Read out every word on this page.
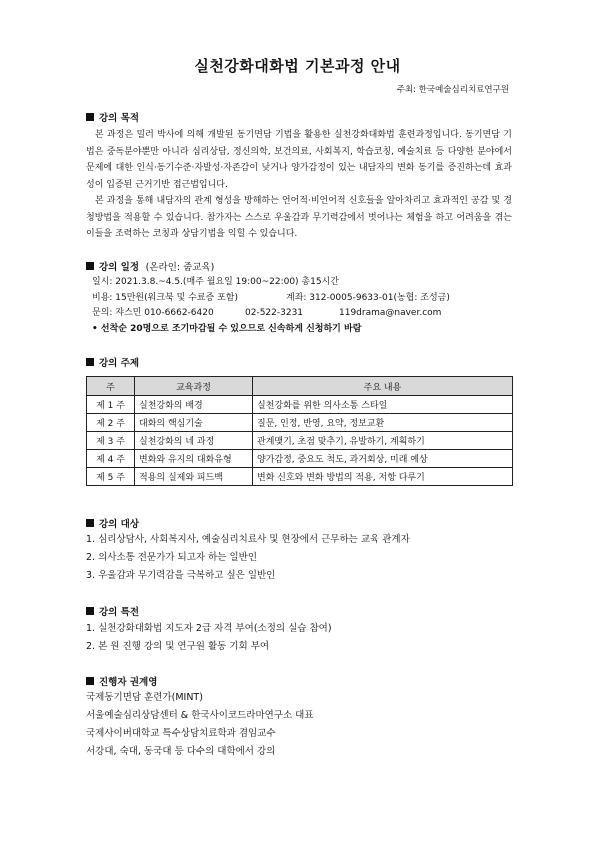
실천강화대화법 기본과정 안내
주최: 한국예술심리치료연구원
강의 목적

본 과정은 밀러 박사에 의해 개발된 동기면담 기법을 활용한 실천강화대화법 훈련과정입니다. 동기면담 기법은 중독분야뿐만 아니라 심리상담, 정신의학, 보건의료, 사회복지, 학습코칭, 예술치료 등 다양한 분야에서 문제에 대한 인식·동기수준·자발성·자존감이 낮거나 양가감정이 있는 내담자의 변화 동기를 증진하는데 효과성이 입증된 근거기반 접근법입니다.

본 과정을 통해 내담자의 관계 형성을 방해하는 언어적·비언어적 신호들을 알아차리고 효과적인 공감 및 경청방법을 적용할 수 있습니다. 참가자는 스스로 우울감과 무기력감에서 벗어나는 체험을 하고 어려움을 겪는 이들을 조력하는 코칭과 상담기법을 익힐 수 있습니다.

강의 일정 (온라인: 줌교육)
일시: 2021.3.8.~4.5.(매주 월요일 19:00~22:00) 총15시간
비용: 15만원(워크북 및 수료증 포함)	계좌: 312-0005-9633-01(농협: 조성금)
문의: 쟈스민 010-6662-6420	02-522-3231	119drama@naver.com
• 선착순 20명으로 조기마감될 수 있으므로 신속하게 신청하기 바람
강의 주제
주	교육과정	주요 내용
제 1 주	실천강화의 배경	실천강화를 위한 의사소통 스타일
제 2 주	대화의 핵심기술	질문, 인정, 반영, 요약, 정보교환
제 3 주	실천강화의 네 과정	관계맺기, 초점 맞추기, 유발하기, 계획하기
제 4 주	변화와 유지의 대화유형	양가감정, 중요도 척도, 과거회상, 미래 예상
제 5 주	적용의 실제와 피드백	변화 신호와 변화 방법의 적용, 저항 다루기
강의 대상
1. 심리상담사, 사회복지사, 예술심리치료사 및 현장에서 근무하는 교육 관계자
2. 의사소통 전문가가 되고자 하는 일반인
3. 우울감과 무기력감을 극복하고 싶은 일반인
강의 특전
1. 실천강화대화법 지도자 2급 자격 부여(소정의 실습 참여)
2. 본 원 진행 강의 및 연구원 활동 기회 부여
진행자 권계영
국제동기면담 훈련가(MINT)
서울예술심리상담센터 & 한국사이코드라마연구소 대표
국제사이버대학교 특수상담치료학과 겸임교수
서강대, 숙대, 동국대 등 다수의 대학에서 강의
